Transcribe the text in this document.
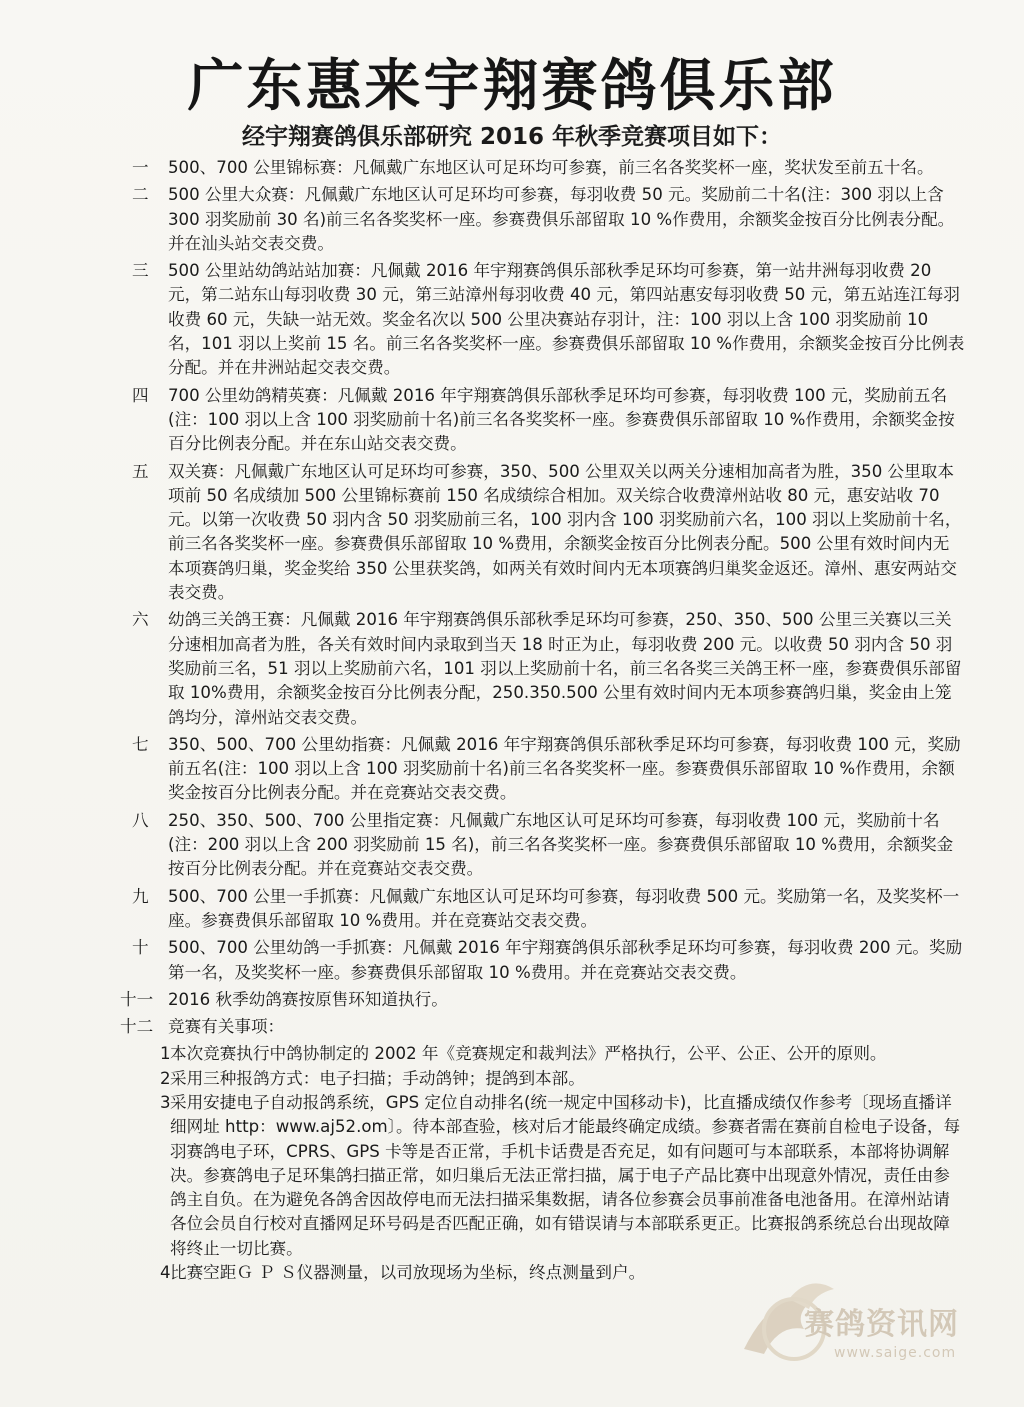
广东惠来宇翔赛鸽俱乐部
经宇翔赛鸽俱乐部研究 2016 年秋季竞赛项目如下：
一 500、700 公里锦标赛：凡佩戴广东地区认可足环均可参赛，前三名各奖奖杯一座，奖状发至前五十名。
二 500 公里大众赛：凡佩戴广东地区认可足环均可参赛，每羽收费 50 元。奖励前二十名(注：300 羽以上含 300 羽奖励前 30 名)前三名各奖奖杯一座。参赛费俱乐部留取 10 %作费用，余额奖金按百分比例表分配。并在汕头站交表交费。
三 500 公里站幼鸽站站加赛：凡佩戴 2016 年宇翔赛鸽俱乐部秋季足环均可参赛，第一站井洲每羽收费 20 元，第二站东山每羽收费 30 元，第三站漳州每羽收费 40 元，第四站惠安每羽收费 50 元，第五站连江每羽收费 60 元，失缺一站无效。奖金名次以 500 公里决赛站存羽计，注：100 羽以上含 100 羽奖励前 10 名，101 羽以上奖前 15 名。前三名各奖奖杯一座。参赛费俱乐部留取 10 %作费用，余额奖金按百分比例表分配。并在井洲站起交表交费。
四 700 公里幼鸽精英赛：凡佩戴 2016 年宇翔赛鸽俱乐部秋季足环均可参赛，每羽收费 100 元，奖励前五名(注：100 羽以上含 100 羽奖励前十名)前三名各奖奖杯一座。参赛费俱乐部留取 10 %作费用，余额奖金按百分比例表分配。并在东山站交表交费。
五 双关赛：凡佩戴广东地区认可足环均可参赛，350、500 公里双关以两关分速相加高者为胜，350 公里取本项前 50 名成绩加 500 公里锦标赛前 150 名成绩综合相加。双关综合收费漳州站收 80 元，惠安站收 70 元。以第一次收费 50 羽内含 50 羽奖励前三名，100 羽内含 100 羽奖励前六名，100 羽以上奖励前十名，前三名各奖奖杯一座。参赛费俱乐部留取 10 %费用，余额奖金按百分比例表分配。500 公里有效时间内无本项赛鸽归巢，奖金奖给 350 公里获奖鸽，如两关有效时间内无本项赛鸽归巢奖金返还。漳州、惠安两站交表交费。
六 幼鸽三关鸽王赛：凡佩戴 2016 年宇翔赛鸽俱乐部秋季足环均可参赛，250、350、500 公里三关赛以三关分速相加高者为胜，各关有效时间内录取到当天 18 时正为止，每羽收费 200 元。以收费 50 羽内含 50 羽奖励前三名，51 羽以上奖励前六名，101 羽以上奖励前十名，前三名各奖三关鸽王杯一座，参赛费俱乐部留取 10%费用，余额奖金按百分比例表分配，250.350.500 公里有效时间内无本项参赛鸽归巢，奖金由上笼鸽均分，漳州站交表交费。
七 350、500、700 公里幼指赛：凡佩戴 2016 年宇翔赛鸽俱乐部秋季足环均可参赛，每羽收费 100 元，奖励前五名(注：100 羽以上含 100 羽奖励前十名)前三名各奖奖杯一座。参赛费俱乐部留取 10 %作费用，余额奖金按百分比例表分配。并在竞赛站交表交费。
八 250、350、500、700 公里指定赛：凡佩戴广东地区认可足环均可参赛，每羽收费 100 元，奖励前十名(注：200 羽以上含 200 羽奖励前 15 名)，前三名各奖奖杯一座。参赛费俱乐部留取 10 %费用，余额奖金按百分比例表分配。并在竞赛站交表交费。
九 500、700 公里一手抓赛：凡佩戴广东地区认可足环均可参赛，每羽收费 500 元。奖励第一名，及奖奖杯一座。参赛费俱乐部留取 10 %费用。并在竞赛站交表交费。
十 500、700 公里幼鸽一手抓赛：凡佩戴 2016 年宇翔赛鸽俱乐部秋季足环均可参赛，每羽收费 200 元。奖励第一名，及奖奖杯一座。参赛费俱乐部留取 10 %费用。并在竞赛站交表交费。
十一 2016 秋季幼鸽赛按原售环知道执行。
十二 竞赛有关事项：
1 本次竞赛执行中鸽协制定的 2002 年《竞赛规定和裁判法》严格执行，公平、公正、公开的原则。
2 采用三种报鸽方式：电子扫描；手动鸽钟；提鸽到本部。
3 采用安捷电子自动报鸽系统，GPS 定位自动排名(统一规定中国移动卡)，比直播成绩仅作参考〔现场直播详细网址 http：www.aj52.om〕。待本部查验，核对后才能最终确定成绩。参赛者需在赛前自检电子设备，每羽赛鸽电子环，CPRS、GPS 卡等是否正常，手机卡话费是否充足，如有问题可与本部联系，本部将协调解决。参赛鸽电子足环集鸽扫描正常，如归巢后无法正常扫描，属于电子产品比赛中出现意外情况，责任由参鸽主自负。在为避免各鸽舍因故停电而无法扫描采集数据，请各位参赛会员事前准备电池备用。在漳州站请各位会员自行校对直播网足环号码是否匹配正确，如有错误请与本部联系更正。比赛报鸽系统总台出现故障将终止一切比赛。
4 比赛空距Ｇ Ｐ Ｓ仪器测量，以司放现场为坐标，终点测量到户。
赛鸽资讯网
www.saige.com
